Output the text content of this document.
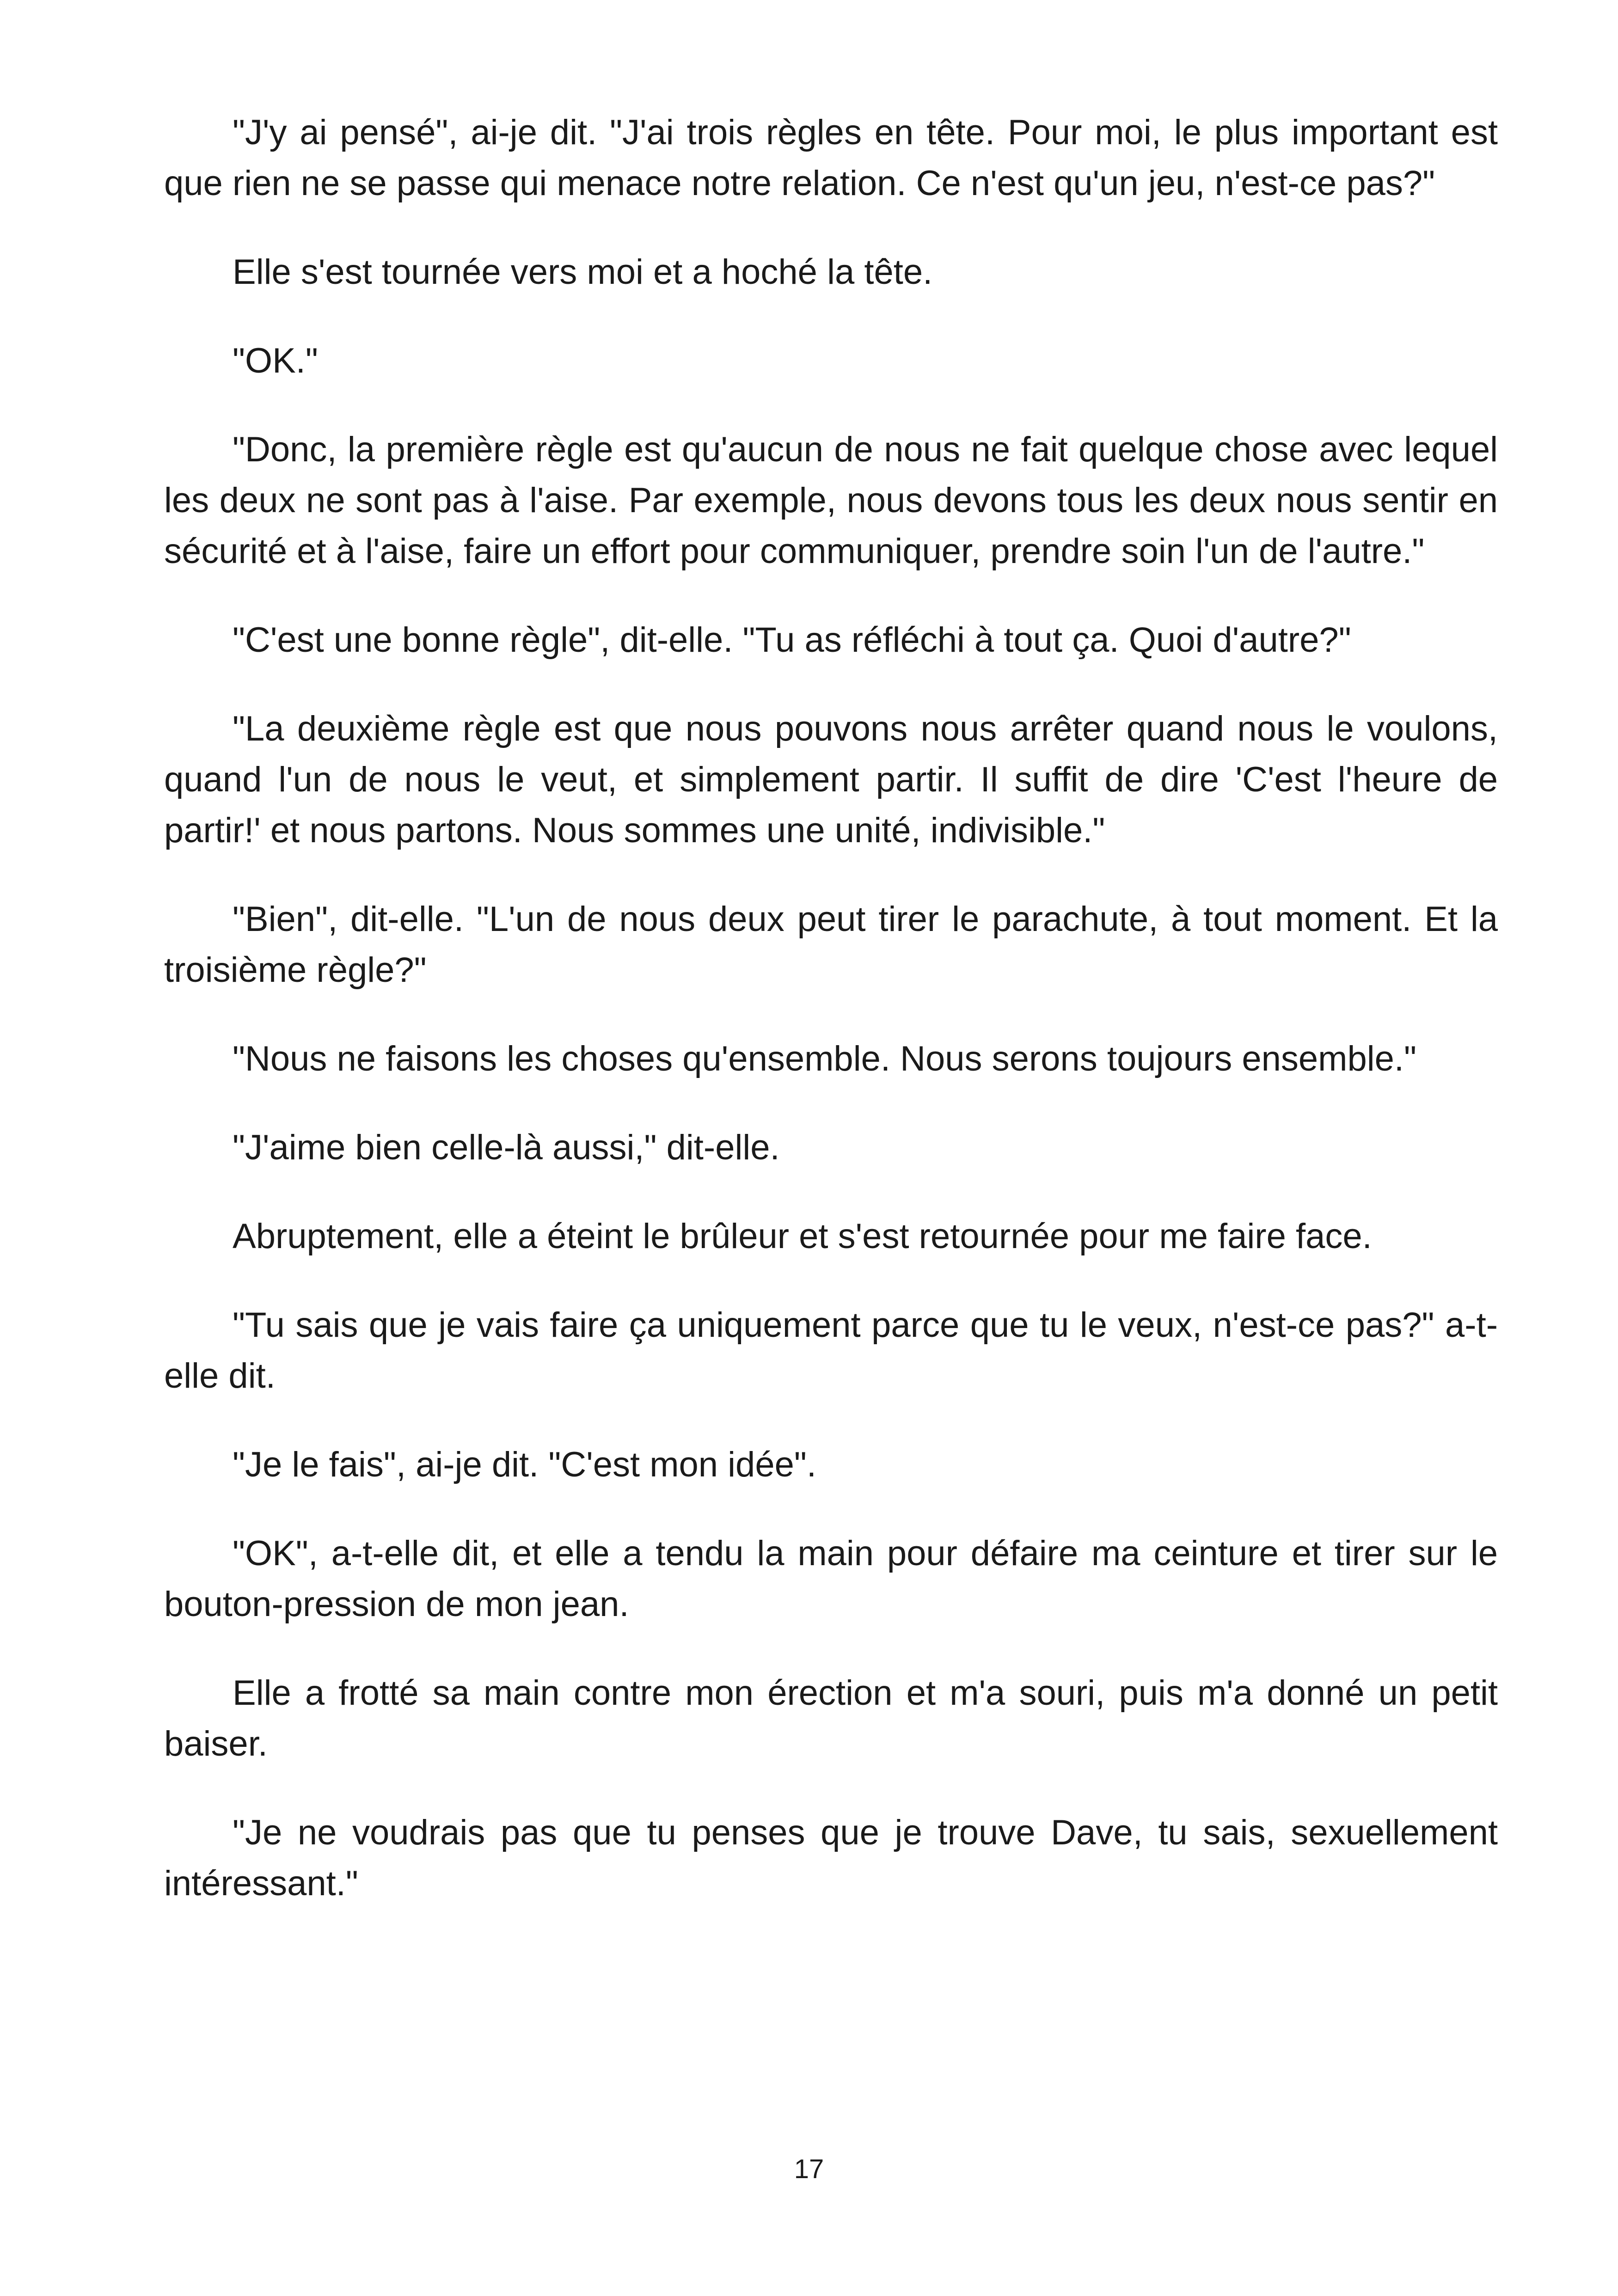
"J'y ai pensé", ai-je dit. "J'ai trois règles en tête. Pour moi, le plus important est que rien ne se passe qui menace notre relation. Ce n'est qu'un jeu, n'est-ce pas?"

Elle s'est tournée vers moi et a hoché la tête.

"OK."

"Donc, la première règle est qu'aucun de nous ne fait quelque chose avec lequel les deux ne sont pas à l'aise. Par exemple, nous devons tous les deux nous sentir en sécurité et à l'aise, faire un effort pour communiquer, prendre soin l'un de l'autre."

"C'est une bonne règle", dit-elle. "Tu as réfléchi à tout ça. Quoi d'autre?"

"La deuxième règle est que nous pouvons nous arrêter quand nous le voulons, quand l'un de nous le veut, et simplement partir. Il suffit de dire 'C'est l'heure de partir!' et nous partons. Nous sommes une unité, indivisible."

"Bien", dit-elle. "L'un de nous deux peut tirer le parachute, à tout moment. Et la troisième règle?"

"Nous ne faisons les choses qu'ensemble. Nous serons toujours ensemble."

"J'aime bien celle-là aussi," dit-elle.

Abruptement, elle a éteint le brûleur et s'est retournée pour me faire face.

"Tu sais que je vais faire ça uniquement parce que tu le veux, n'est-ce pas?" a-t-elle dit.

"Je le fais", ai-je dit. "C'est mon idée".

"OK", a-t-elle dit, et elle a tendu la main pour défaire ma ceinture et tirer sur le bouton-pression de mon jean.

Elle a frotté sa main contre mon érection et m'a souri, puis m'a donné un petit baiser.

"Je ne voudrais pas que tu penses que je trouve Dave, tu sais, sexuellement intéressant."

17
